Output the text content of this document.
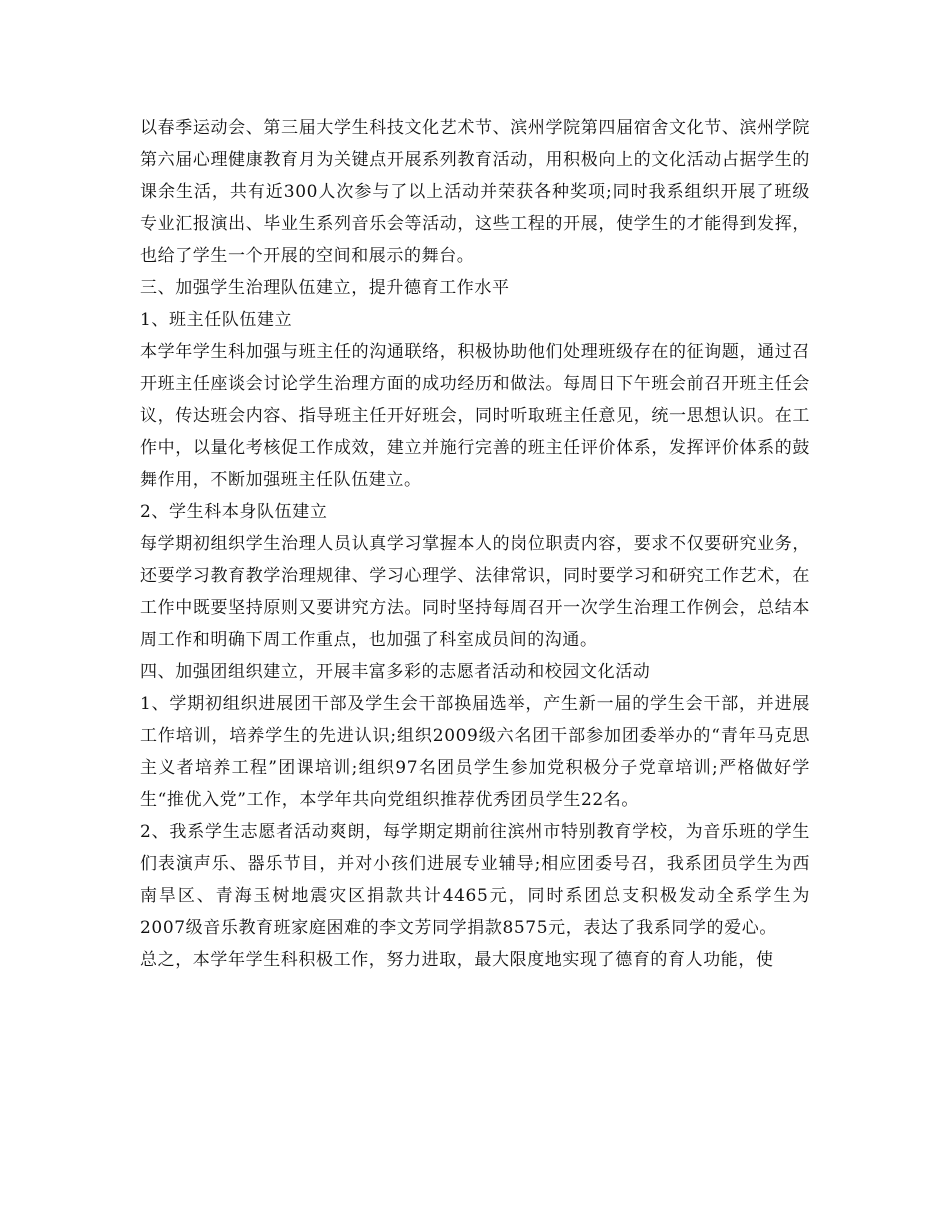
以春季运动会、第三届大学生科技文化艺术节、滨州学院第四届宿舍文化节、滨州学院第六届心理健康教育月为关键点开展系列教育活动，用积极向上的文化活动占据学生的课余生活，共有近300人次参与了以上活动并荣获各种奖项;同时我系组织开展了班级专业汇报演出、毕业生系列音乐会等活动，这些工程的开展，使学生的才能得到发挥，也给了学生一个开展的空间和展示的舞台。

三、加强学生治理队伍建立，提升德育工作水平

1、班主任队伍建立

本学年学生科加强与班主任的沟通联络，积极协助他们处理班级存在的征询题，通过召开班主任座谈会讨论学生治理方面的成功经历和做法。每周日下午班会前召开班主任会议，传达班会内容、指导班主任开好班会，同时听取班主任意见，统一思想认识。在工作中，以量化考核促工作成效，建立并施行完善的班主任评价体系，发挥评价体系的鼓舞作用，不断加强班主任队伍建立。

2、学生科本身队伍建立

每学期初组织学生治理人员认真学习掌握本人的岗位职责内容，要求不仅要研究业务，还要学习教育教学治理规律、学习心理学、法律常识，同时要学习和研究工作艺术，在工作中既要坚持原则又要讲究方法。同时坚持每周召开一次学生治理工作例会，总结本周工作和明确下周工作重点，也加强了科室成员间的沟通。

四、加强团组织建立，开展丰富多彩的志愿者活动和校园文化活动

1、学期初组织进展团干部及学生会干部换届选举，产生新一届的学生会干部，并进展工作培训，培养学生的先进认识;组织2009级六名团干部参加团委举办的“青年马克思主义者培养工程”团课培训;组织97名团员学生参加党积极分子党章培训;严格做好学生“推优入党”工作，本学年共向党组织推荐优秀团员学生22名。

2、我系学生志愿者活动爽朗，每学期定期前往滨州市特别教育学校，为音乐班的学生们表演声乐、器乐节目，并对小孩们进展专业辅导;相应团委号召，我系团员学生为西南旱区、青海玉树地震灾区捐款共计4465元，同时系团总支积极发动全系学生为2007级音乐教育班家庭困难的李文芳同学捐款8575元，表达了我系同学的爱心。

总之，本学年学生科积极工作，努力进取，最大限度地实现了德育的育人功能，使
